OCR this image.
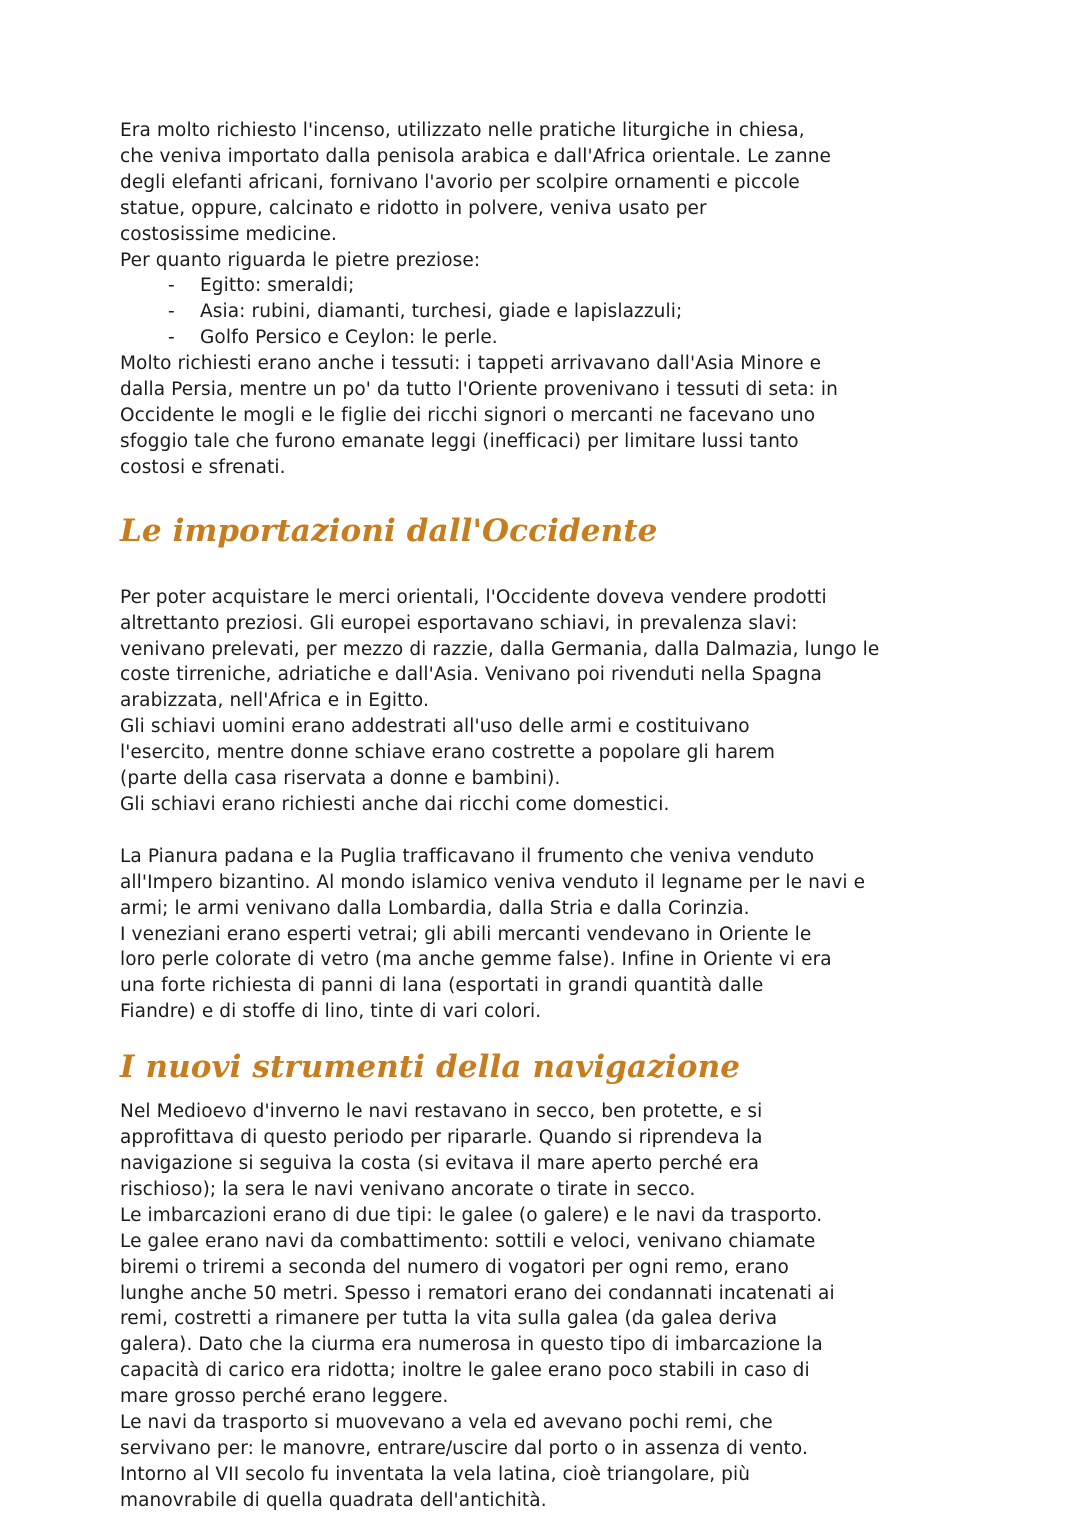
Era molto richiesto l'incenso, utilizzato nelle pratiche liturgiche in chiesa,
che veniva importato dalla penisola arabica e dall'Africa orientale. Le zanne
degli elefanti africani, fornivano l'avorio per scolpire ornamenti e piccole
statue, oppure, calcinato e ridotto in polvere, veniva usato per
costosissime medicine.

Per quanto riguarda le pietre preziose:

- Egitto: smeraldi;
- Asia: rubini, diamanti, turchesi, giade e lapislazzuli;
- Golfo Persico e Ceylon: le perle.

Molto richiesti erano anche i tessuti: i tappeti arrivavano dall'Asia Minore e
dalla Persia, mentre un po' da tutto l'Oriente provenivano i tessuti di seta: in
Occidente le mogli e le figlie dei ricchi signori o mercanti ne facevano uno
sfoggio tale che furono emanate leggi (inefficaci) per limitare lussi tanto
costosi e sfrenati.

Le importazioni dall'Occidente

Per poter acquistare le merci orientali, l'Occidente doveva vendere prodotti
altrettanto preziosi. Gli europei esportavano schiavi, in prevalenza slavi:
venivano prelevati, per mezzo di razzie, dalla Germania, dalla Dalmazia, lungo le
coste tirreniche, adriatiche e dall'Asia. Venivano poi rivenduti nella Spagna
arabizzata, nell'Africa e in Egitto.

Gli schiavi uomini erano addestrati all'uso delle armi e costituivano
l'esercito, mentre donne schiave erano costrette a popolare gli harem
(parte della casa riservata a donne e bambini).

Gli schiavi erano richiesti anche dai ricchi come domestici.

La Pianura padana e la Puglia trafficavano il frumento che veniva venduto
all'Impero bizantino. Al mondo islamico veniva venduto il legname per le navi e
armi; le armi venivano dalla Lombardia, dalla Stria e dalla Corinzia.

I veneziani erano esperti vetrai; gli abili mercanti vendevano in Oriente le
loro perle colorate di vetro (ma anche gemme false). Infine in Oriente vi era
una forte richiesta di panni di lana (esportati in grandi quantità dalle
Fiandre) e di stoffe di lino, tinte di vari colori.

I nuovi strumenti della navigazione

Nel Medioevo d'inverno le navi restavano in secco, ben protette, e si
approfittava di questo periodo per ripararle. Quando si riprendeva la
navigazione si seguiva la costa (si evitava il mare aperto perché era
rischioso); la sera le navi venivano ancorate o tirate in secco.

Le imbarcazioni erano di due tipi: le galee (o galere) e le navi da trasporto.

Le galee erano navi da combattimento: sottili e veloci, venivano chiamate
biremi o triremi a seconda del numero di vogatori per ogni remo, erano
lunghe anche 50 metri. Spesso i rematori erano dei condannati incatenati ai
remi, costretti a rimanere per tutta la vita sulla galea (da galea deriva
galera). Dato che la ciurma era numerosa in questo tipo di imbarcazione la
capacità di carico era ridotta; inoltre le galee erano poco stabili in caso di
mare grosso perché erano leggere.

Le navi da trasporto si muovevano a vela ed avevano pochi remi, che
servivano per: le manovre, entrare/uscire dal porto o in assenza di vento.
Intorno al VII secolo fu inventata la vela latina, cioè triangolare, più
manovrabile di quella quadrata dell'antichità.
